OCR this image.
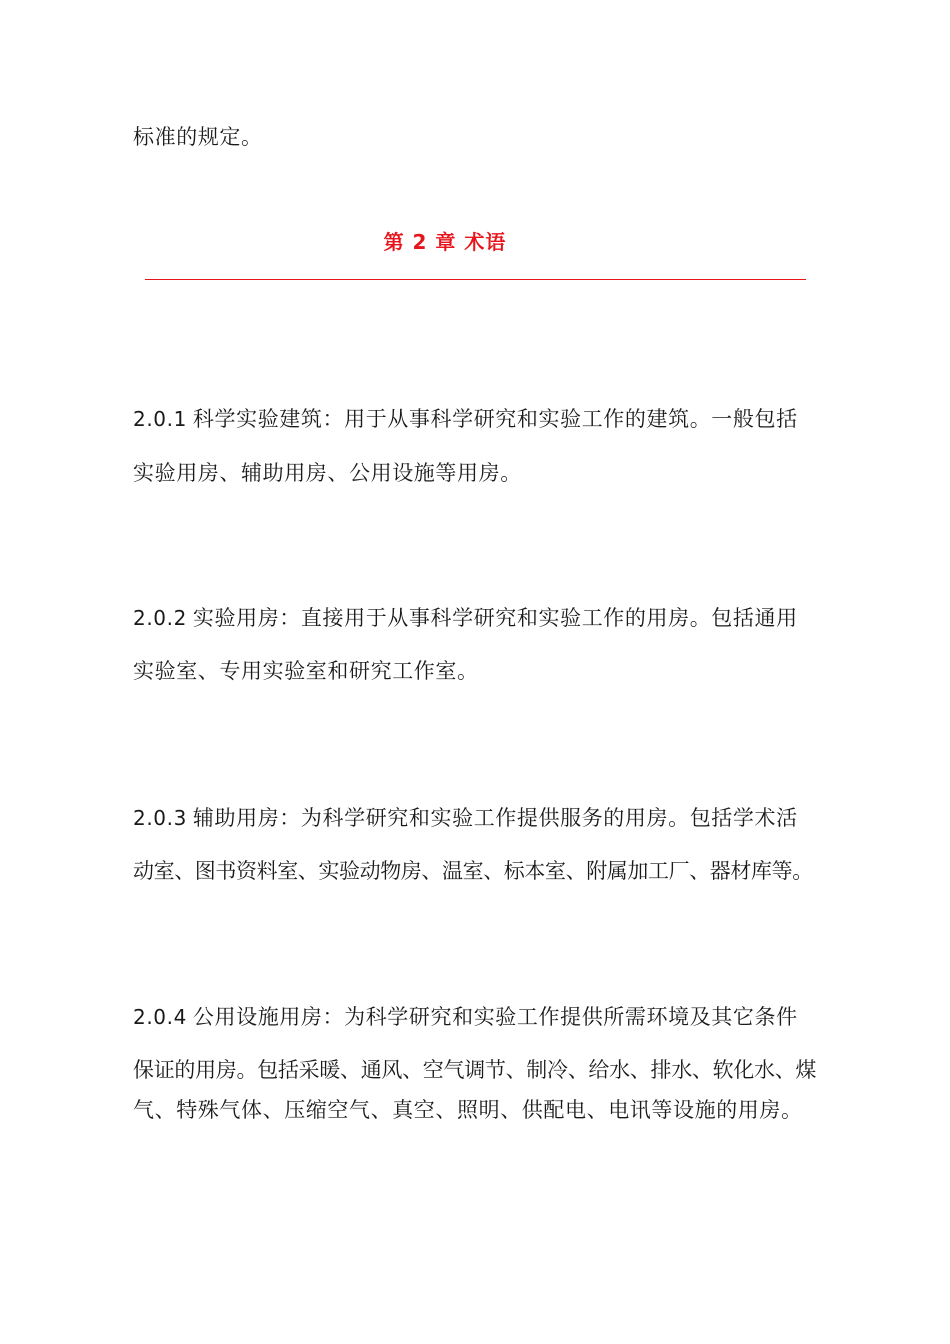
标准的规定。
第 2 章 术语
2.0.1 科学实验建筑：用于从事科学研究和实验工作的建筑。一般包括
实验用房、辅助用房、公用设施等用房。
2.0.2 实验用房：直接用于从事科学研究和实验工作的用房。包括通用
实验室、专用实验室和研究工作室。
2.0.3 辅助用房：为科学研究和实验工作提供服务的用房。包括学术活
动室、图书资料室、实验动物房、温室、标本室、附属加工厂、器材库等。
2.0.4 公用设施用房：为科学研究和实验工作提供所需环境及其它条件
保证的用房。包括采暖、通风、空气调节、制冷、给水、排水、软化水、煤
气、特殊气体、压缩空气、真空、照明、供配电、电讯等设施的用房。
